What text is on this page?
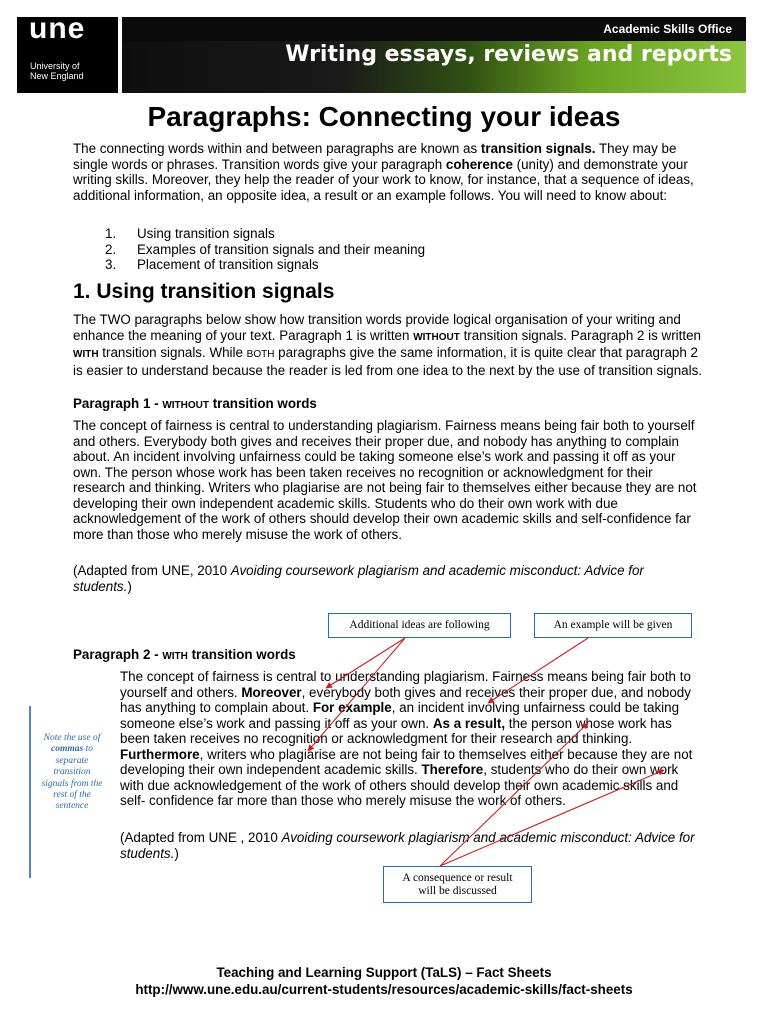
une
University of
New England
Academic Skills Office
Writing essays, reviews and reports
Paragraphs: Connecting your ideas

The connecting words within and between paragraphs are known as transition signals. They may be single words or phrases. Transition words give your paragraph coherence (unity) and demonstrate your writing skills. Moreover, they help the reader of your work to know, for instance, that a sequence of ideas, additional information, an opposite idea, a result or an example follows. You will need to know about:

1. Using transition signals
2. Examples of transition signals and their meaning
3. Placement of transition signals
1. Using transition signals

The TWO paragraphs below show how transition words provide logical organisation of your writing and enhance the meaning of your text. Paragraph 1 is written WITHOUT transition signals. Paragraph 2 is written WITH transition signals. While BOTH paragraphs give the same information, it is quite clear that paragraph 2 is easier to understand because the reader is led from one idea to the next by the use of transition signals.

Paragraph 1 - WITHOUT transition words

The concept of fairness is central to understanding plagiarism. Fairness means being fair both to yourself and others. Everybody both gives and receives their proper due, and nobody has anything to complain about. An incident involving unfairness could be taking someone else’s work and passing it off as your own. The person whose work has been taken receives no recognition or acknowledgment for their research and thinking. Writers who plagiarise are not being fair to themselves either because they are not developing their own independent academic skills. Students who do their own work with due acknowledgement of the work of others should develop their own academic skills and self-confidence far more than those who merely misuse the work of others.

(Adapted from UNE, 2010 Avoiding coursework plagiarism and academic misconduct: Advice for students.)

Additional ideas are following	An example will be given
Paragraph 2 - WITH transition words

The concept of fairness is central to understanding plagiarism. Fairness means being fair both to yourself and others. Moreover, everybody both gives and receives their proper due, and nobody has anything to complain about. For example, an incident involving unfairness could be taking someone else’s work and passing it off as your own. As a result, the person whose work has been taken receives no recognition or acknowledgment for their research and thinking. Furthermore, writers who plagiarise are not being fair to themselves either because they are not developing their own independent academic skills. Therefore, students who do their own work with due acknowledgement of the work of others should develop their own academic skills and self- confidence far more than those who merely misuse the work of others.

(Adapted from UNE , 2010 Avoiding coursework plagiarism and academic misconduct: Advice for students.)

A consequence or result
will be discussed
Note the use of commas to separate transition signals from the rest of the sentence
Teaching and Learning Support (TaLS) – Fact Sheets
http://www.une.edu.au/current-students/resources/academic-skills/fact-sheets
